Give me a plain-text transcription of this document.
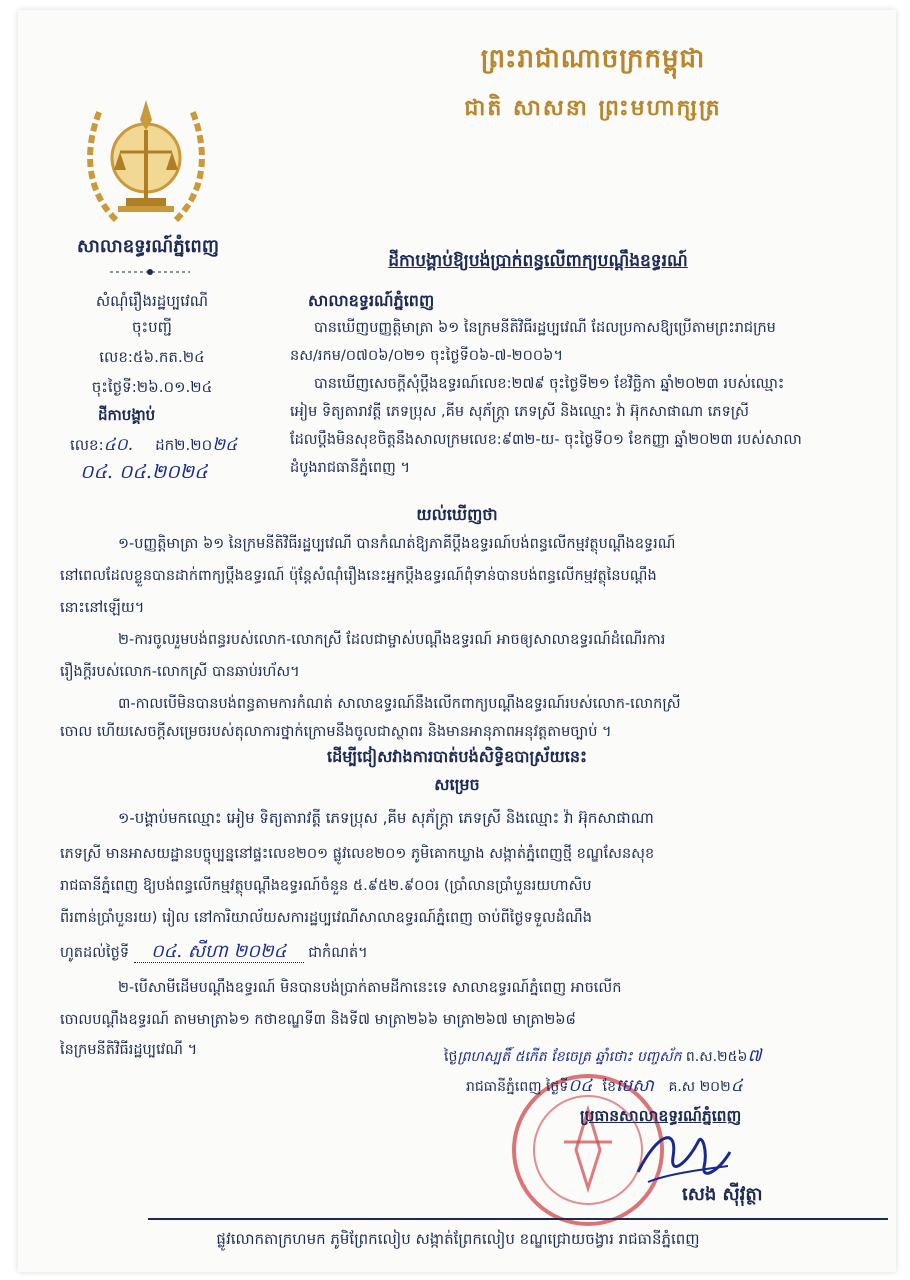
ព្រះរាជាណាចក្រកម្ពុជា
ជាតិ សាសនា ព្រះមហាក្សត្រ
សាលាឧទ្ធរណ៍ភ្នំពេញ
សំណុំរឿងរដ្ឋប្បវេណី
ចុះបញ្ជី
លេខ:៥៦.កត.២៤
ចុះថ្ងៃទី:២៦.០១.២៤
ដីកាបង្គាប់
លេខ:៤០. ដក២.២០២៤
០៤. ០៤.២០២៤
ដីកាបង្គាប់ឱ្យបង់ប្រាក់ពន្ធលើពាក្យបណ្តឹងឧទ្ធរណ៍
សាលាឧទ្ធរណ៍ភ្នំពេញ
បានឃើញបញ្ញត្តិមាត្រា ៦១ នៃក្រមនីតិវិធីរដ្ឋប្បវេណី ដែលប្រកាសឱ្យប្រើតាមព្រះរាជក្រម
នស/រកម/០៧០៦/០២១ ចុះថ្ងៃទី០៦-៧-២០០៦។
បានឃើញសេចក្តីសុំប្តឹងឧទ្ធរណ៍លេខ:២៧៩ ចុះថ្ងៃទី២១ ខែវិច្ឆិកា ឆ្នាំ២០២៣ របស់ឈ្មោះ
អៀម ទិត្យតារាវត្តី ភេទប្រុស ,គីម សុភ័ក្ត្រា ភេទស្រី និងឈ្មោះ វ៉ា អ៊ុកសាផាណា ភេទស្រី
ដែលប្តឹងមិនសុខចិត្តនឹងសាលក្រមលេខ:៩៣២-យ- ចុះថ្ងៃទី០១ ខែកញ្ញា ឆ្នាំ២០២៣ របស់សាលា
ដំបូងរាជធានីភ្នំពេញ ។
យល់ឃើញថា
១-បញ្ញត្តិមាត្រា ៦១ នៃក្រមនីតិវិធីរដ្ឋប្បវេណី បានកំណត់ឱ្យភាគីប្តឹងឧទ្ធរណ៍បង់ពន្ធលើកម្មវត្ថុបណ្តឹងឧទ្ធរណ៍
នៅពេលដែលខ្លួនបានដាក់ពាក្យប្តឹងឧទ្ធរណ៍ ប៉ុន្តែសំណុំរឿងនេះអ្នកប្តឹងឧទ្ធរណ៍ពុំទាន់បានបង់ពន្ធលើកម្មវត្ថុនៃបណ្តឹង
នោះនៅឡើយ។
២-ការចូលរួមបង់ពន្ធរបស់លោក-លោកស្រី ដែលជាម្ចាស់បណ្តឹងឧទ្ធរណ៍ អាចឲ្យសាលាឧទ្ធរណ៍ដំណើរការ
រឿងក្តីរបស់លោក-លោកស្រី បានឆាប់រហ័ស។
៣-កាលបើមិនបានបង់ពន្ធតាមការកំណត់ សាលាឧទ្ធរណ៍នឹងលើកពាក្យបណ្តឹងឧទ្ធរណ៍របស់លោក-លោកស្រី
ចោល ហើយសេចក្តីសម្រេចរបស់តុលាការថ្នាក់ក្រោមនឹងចូលជាស្ថាពរ និងមានអានុភាពអនុវត្តតាមច្បាប់ ។
ដើម្បីជៀសវាងការបាត់បង់សិទ្ធិឧបាស្រ័យនេះ
សម្រេច
១-បង្គាប់មកឈ្មោះ អៀម ទិត្យតារាវត្តី ភេទប្រុស ,គីម សុភ័ក្ត្រា ភេទស្រី និងឈ្មោះ វ៉ា អ៊ុកសាផាណា
ភេទស្រី មានអាសយដ្ឋានបច្ចុប្បន្ននៅផ្ទះលេខ២០១ ផ្លូវលេខ២០១ ភូមិគោកឃ្លាង សង្កាត់ភ្នំពេញថ្មី ខណ្ឌសែនសុខ
រាជធានីភ្នំពេញ ឱ្យបង់ពន្ធលើកម្មវត្ថុបណ្តឹងឧទ្ធរណ៍ចំនួន ៥.៩៥២.៩០០រ (ប្រាំលានប្រាំបួនរយហាសិប
ពីរពាន់ប្រាំបួនរយ) រៀល នៅការិយាល័យសការដ្ឋប្បវេណីសាលាឧទ្ធរណ៍ភ្នំពេញ ចាប់ពីថ្ងៃទទួលដំណឹង
ហូតដល់ថ្ងៃទី ០៤. សីហា ២០២៤ ជាកំណត់។
២-បើសាមីដើមបណ្តឹងឧទ្ធរណ៍ មិនបានបង់ប្រាក់តាមដីកានេះទេ សាលាឧទ្ធរណ៍ភ្នំពេញ អាចលើក
ចោលបណ្តឹងឧទ្ធរណ៍ តាមមាត្រា៦១ កថាខណ្ឌទី៣ និងទី៧ មាត្រា២៦៦ មាត្រា២៦៧ មាត្រា២៦៨
នៃក្រមនីតិវិធីរដ្ឋប្បវេណី ។	ថ្ងៃព្រហស្បតិ៍ ៥កើត ខែចេត្រ ឆ្នាំថោះ បញ្ចស័ក ព.ស.២៥៦៧
រាជធានីភ្នំពេញ ថ្ងៃទី០៤ ខែមេសា គ.ស ២០២៤
ប្រធានសាលាឧទ្ធរណ៍ភ្នំពេញ
សេង ស៊ីវុត្ថា
ផ្លូវលោកតាក្រហមក ភូមិព្រែកលៀប សង្កាត់ព្រែកលៀប ខណ្ឌជ្រោយចង្វារ រាជធានីភ្នំពេញ
